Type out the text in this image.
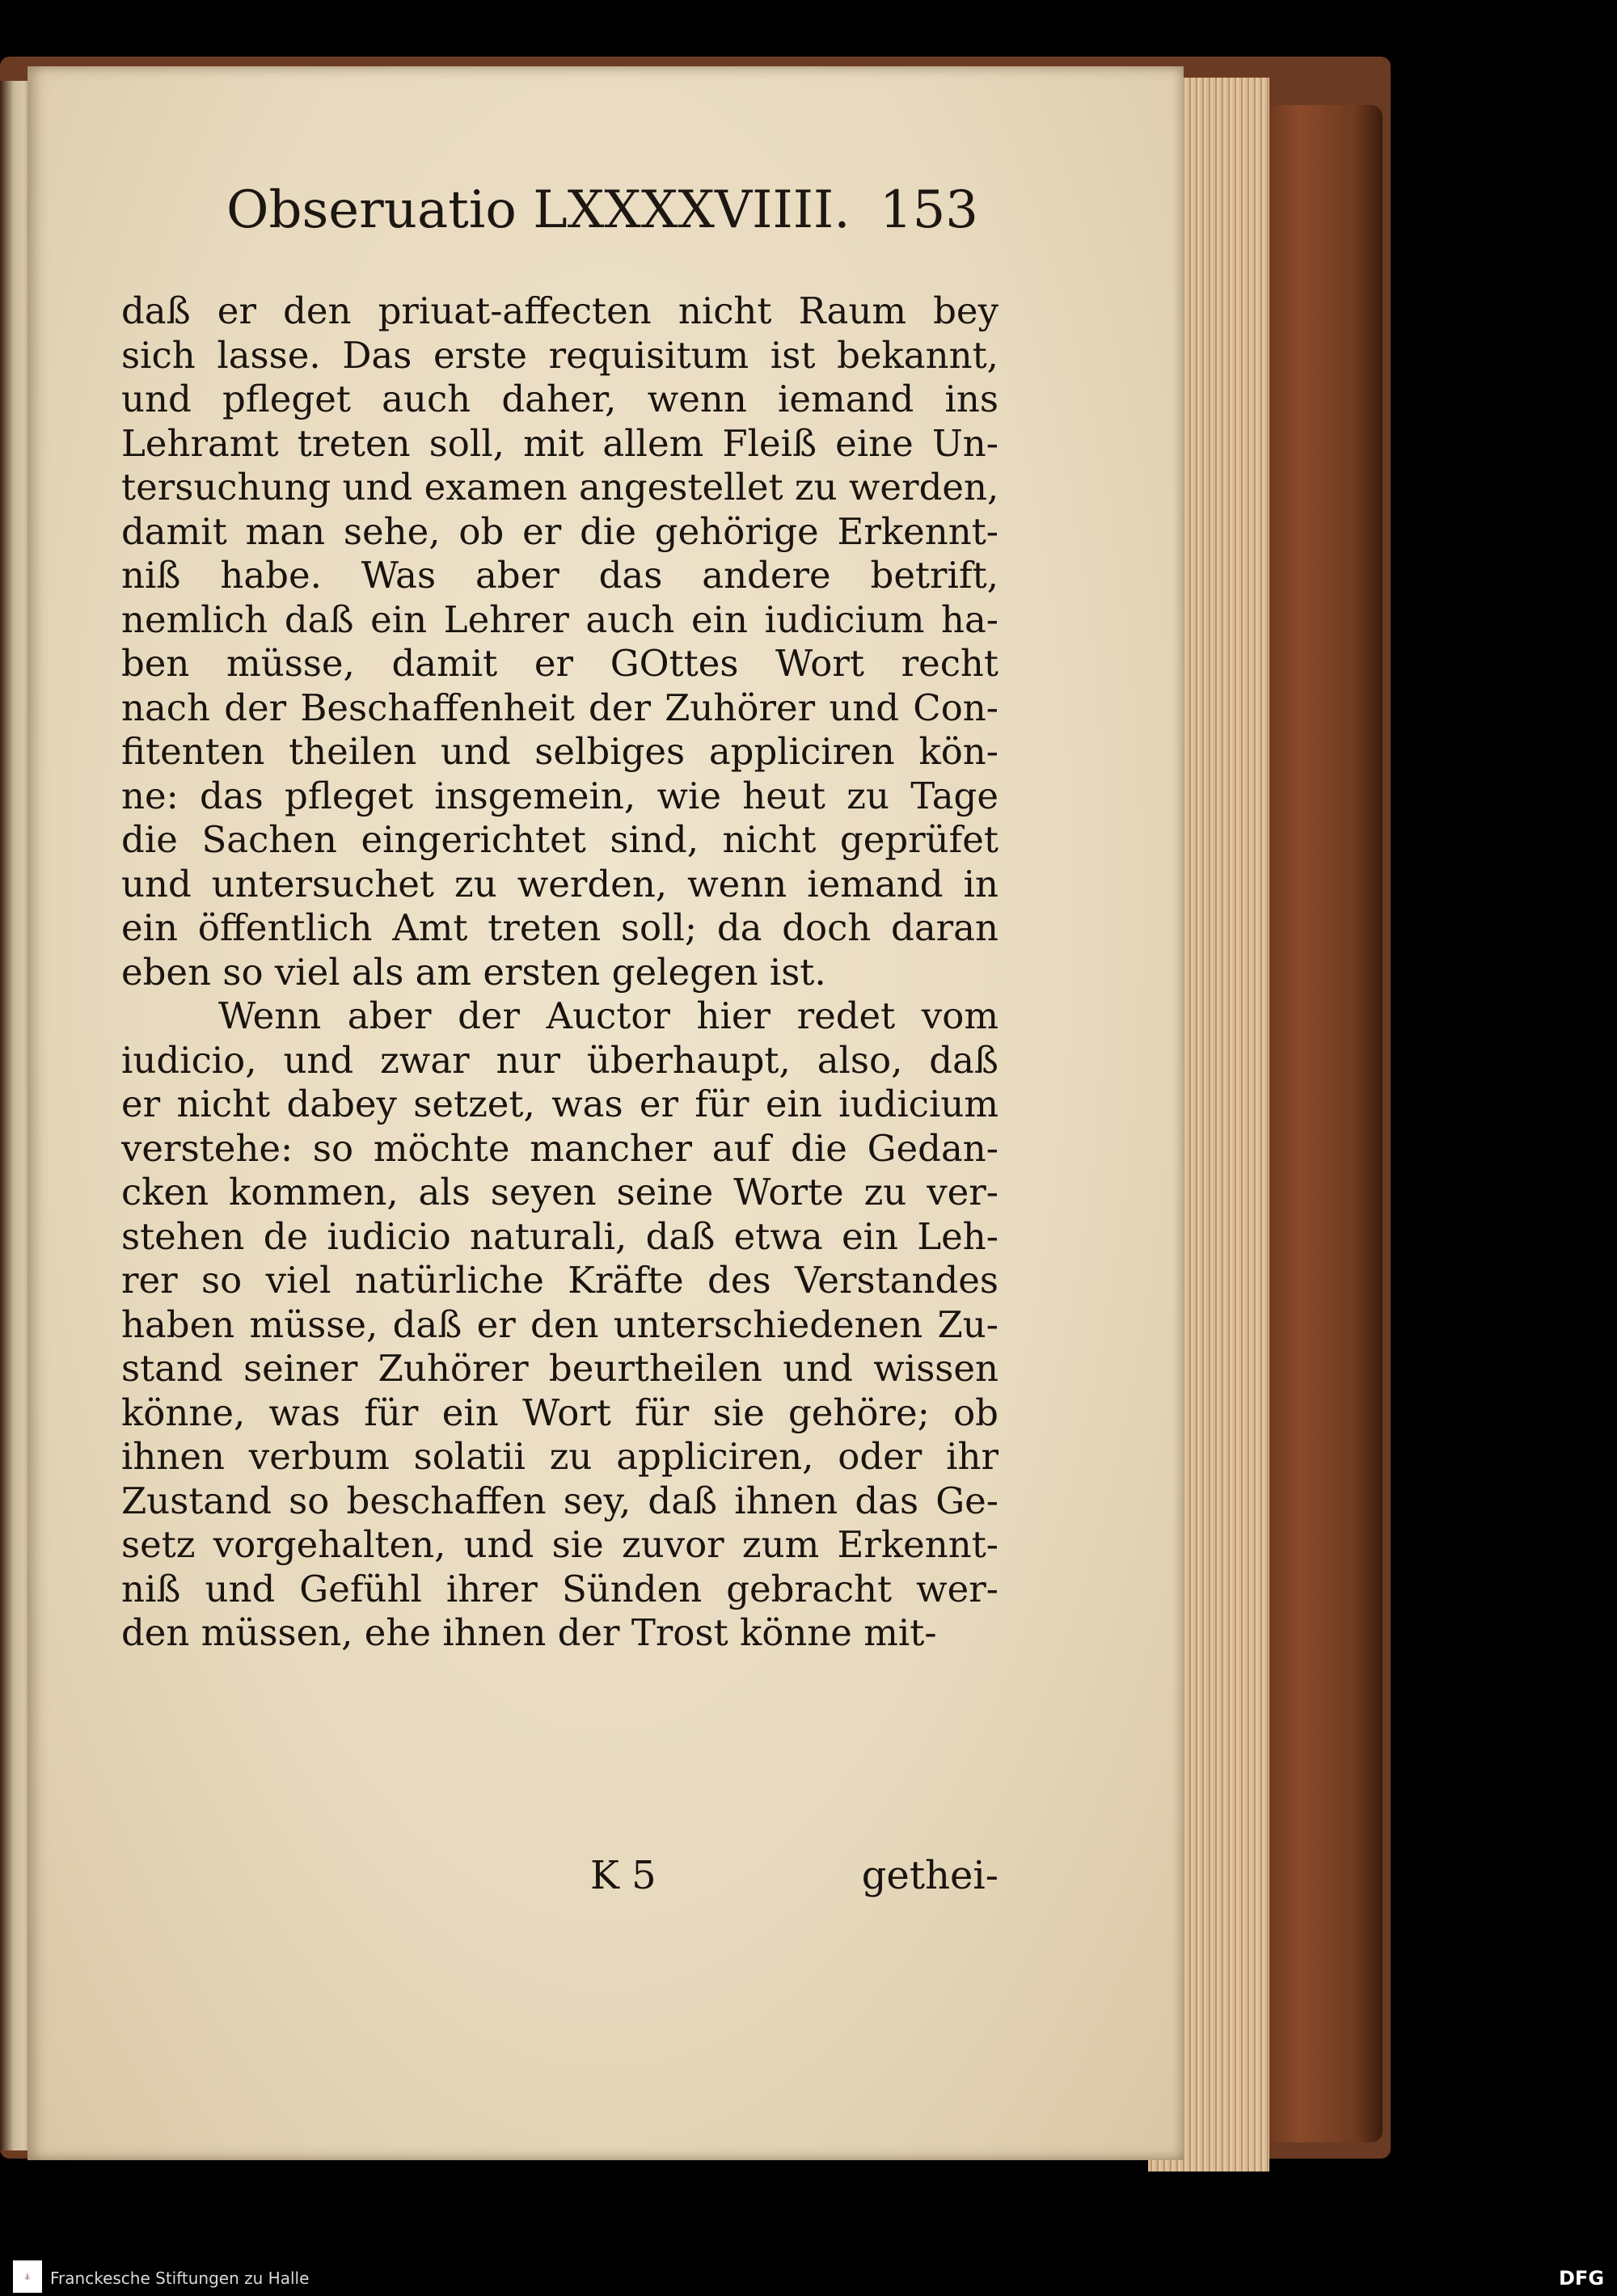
Obseruatio LXXXXVIIII. 153
daß er den priuat-affecten nicht Raum bey
sich lasse. Das erste requisitum ist bekannt,
und pfleget auch daher, wenn iemand ins
Lehramt treten soll, mit allem Fleiß eine Un-
tersuchung und examen angestellet zu werden,
damit man sehe, ob er die gehörige Erkennt-
niß habe. Was aber das andere betrift,
nemlich daß ein Lehrer auch ein iudicium ha-
ben müsse, damit er GOttes Wort recht
nach der Beschaffenheit der Zuhörer und Con-
fitenten theilen und selbiges appliciren kön-
ne: das pfleget insgemein, wie heut zu Tage
die Sachen eingerichtet sind, nicht geprüfet
und untersuchet zu werden, wenn iemand in
ein öffentlich Amt treten soll; da doch daran
eben so viel als am ersten gelegen ist.
Wenn aber der Auctor hier redet vom
iudicio, und zwar nur überhaupt, also, daß
er nicht dabey setzet, was er für ein iudicium
verstehe: so möchte mancher auf die Gedan-
cken kommen, als seyen seine Worte zu ver-
stehen de iudicio naturali, daß etwa ein Leh-
rer so viel natürliche Kräfte des Verstandes
haben müsse, daß er den unterschiedenen Zu-
stand seiner Zuhörer beurtheilen und wissen
könne, was für ein Wort für sie gehöre; ob
ihnen verbum solatii zu appliciren, oder ihr
Zustand so beschaffen sey, daß ihnen das Ge-
setz vorgehalten, und sie zuvor zum Erkennt-
niß und Gefühl ihrer Sünden gebracht wer-
den müssen, ehe ihnen der Trost könne mit-
K 5	gethei-
⛪	Franckesche Stiftungen zu Halle	DFG
